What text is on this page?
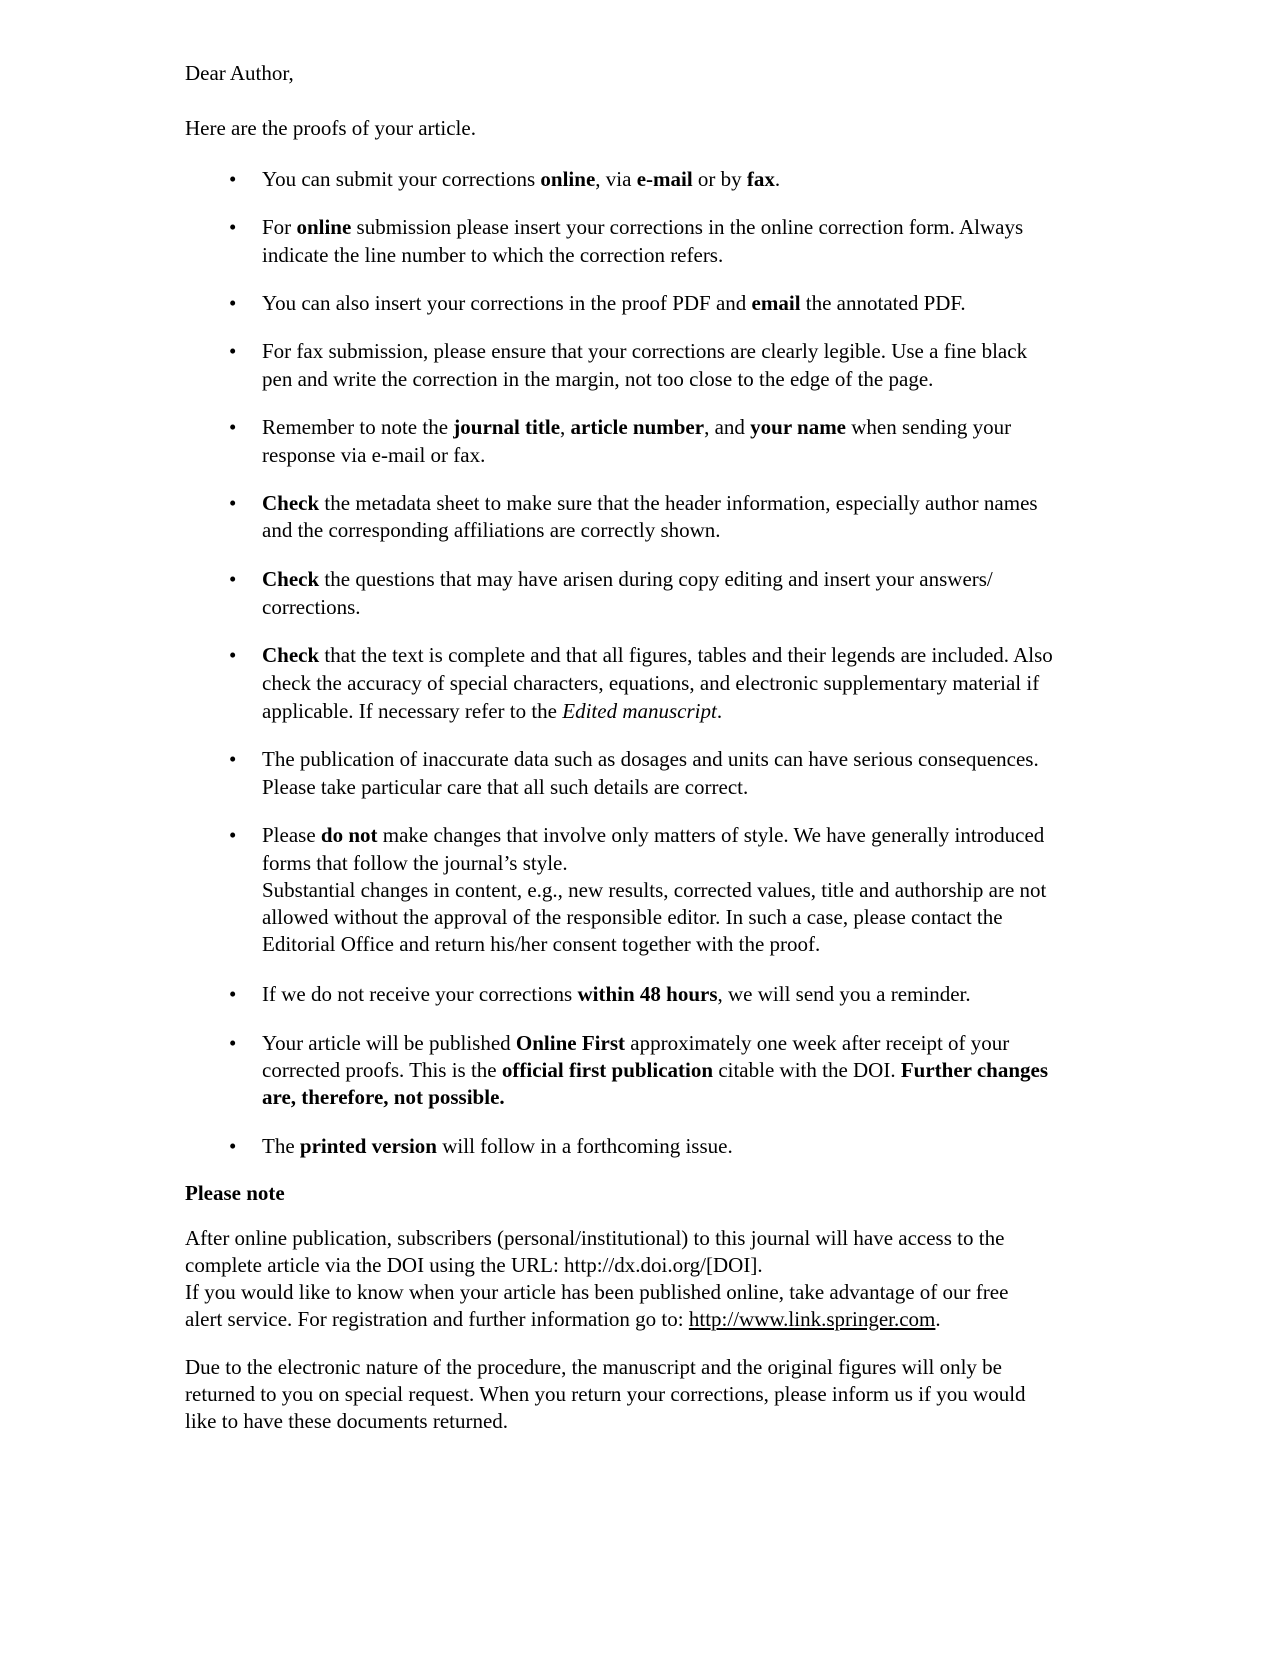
Dear Author,
Here are the proofs of your article.
• You can submit your corrections online, via e-mail or by fax.
• For online submission please insert your corrections in the online correction form. Always
indicate the line number to which the correction refers.
• You can also insert your corrections in the proof PDF and email the annotated PDF.
• For fax submission, please ensure that your corrections are clearly legible. Use a fine black
pen and write the correction in the margin, not too close to the edge of the page.
• Remember to note the journal title, article number, and your name when sending your
response via e-mail or fax.
• Check the metadata sheet to make sure that the header information, especially author names
and the corresponding affiliations are correctly shown.
• Check the questions that may have arisen during copy editing and insert your answers/
corrections.
• Check that the text is complete and that all figures, tables and their legends are included. Also
check the accuracy of special characters, equations, and electronic supplementary material if
applicable. If necessary refer to the Edited manuscript.
• The publication of inaccurate data such as dosages and units can have serious consequences.
Please take particular care that all such details are correct.
• Please do not make changes that involve only matters of style. We have generally introduced
forms that follow the journal’s style.
Substantial changes in content, e.g., new results, corrected values, title and authorship are not
allowed without the approval of the responsible editor. In such a case, please contact the
Editorial Office and return his/her consent together with the proof.
• If we do not receive your corrections within 48 hours, we will send you a reminder.
• Your article will be published Online First approximately one week after receipt of your
corrected proofs. This is the official first publication citable with the DOI. Further changes
are, therefore, not possible.
• The printed version will follow in a forthcoming issue.
Please note
After online publication, subscribers (personal/institutional) to this journal will have access to the
complete article via the DOI using the URL: http://dx.doi.org/[DOI].
If you would like to know when your article has been published online, take advantage of our free
alert service. For registration and further information go to: http://www.link.springer.com.
Due to the electronic nature of the procedure, the manuscript and the original figures will only be
returned to you on special request. When you return your corrections, please inform us if you would
like to have these documents returned.
